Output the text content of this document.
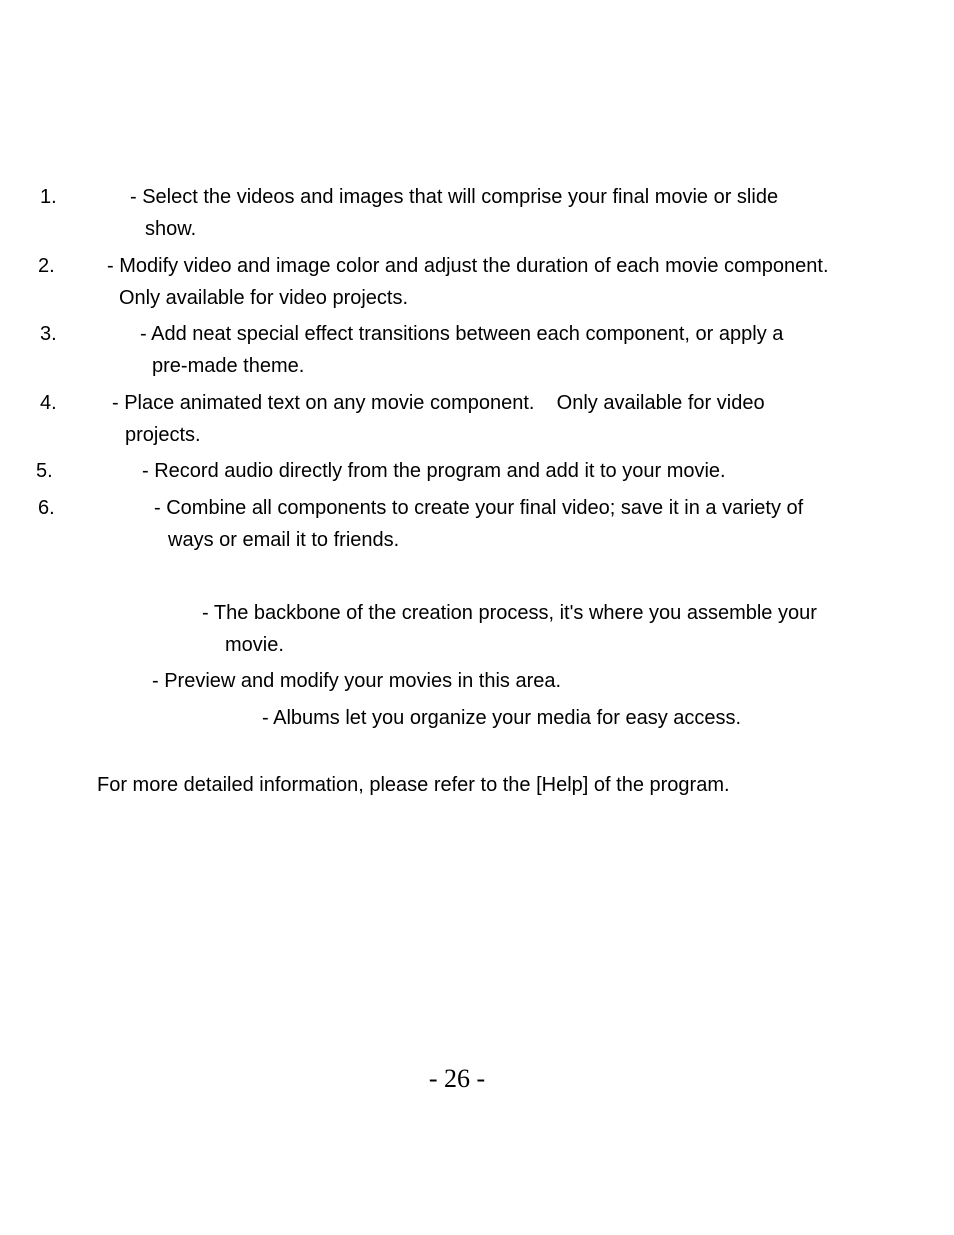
1.	- Select the videos and images that will comprise your final movie or slide
show.
2.	- Modify video and image color and adjust the duration of each movie component.
Only available for video projects.
3.	- Add neat special effect transitions between each component, or apply a
pre-made theme.
4.	- Place animated text on any movie component.    Only available for video
projects.
5.	- Record audio directly from the program and add it to your movie.
6.	- Combine all components to create your final video; save it in a variety of
ways or email it to friends.
- The backbone of the creation process, it's where you assemble your
movie.
- Preview and modify your movies in this area.
- Albums let you organize your media for easy access.
For more detailed information, please refer to the [Help] of the program.
- 26 -
